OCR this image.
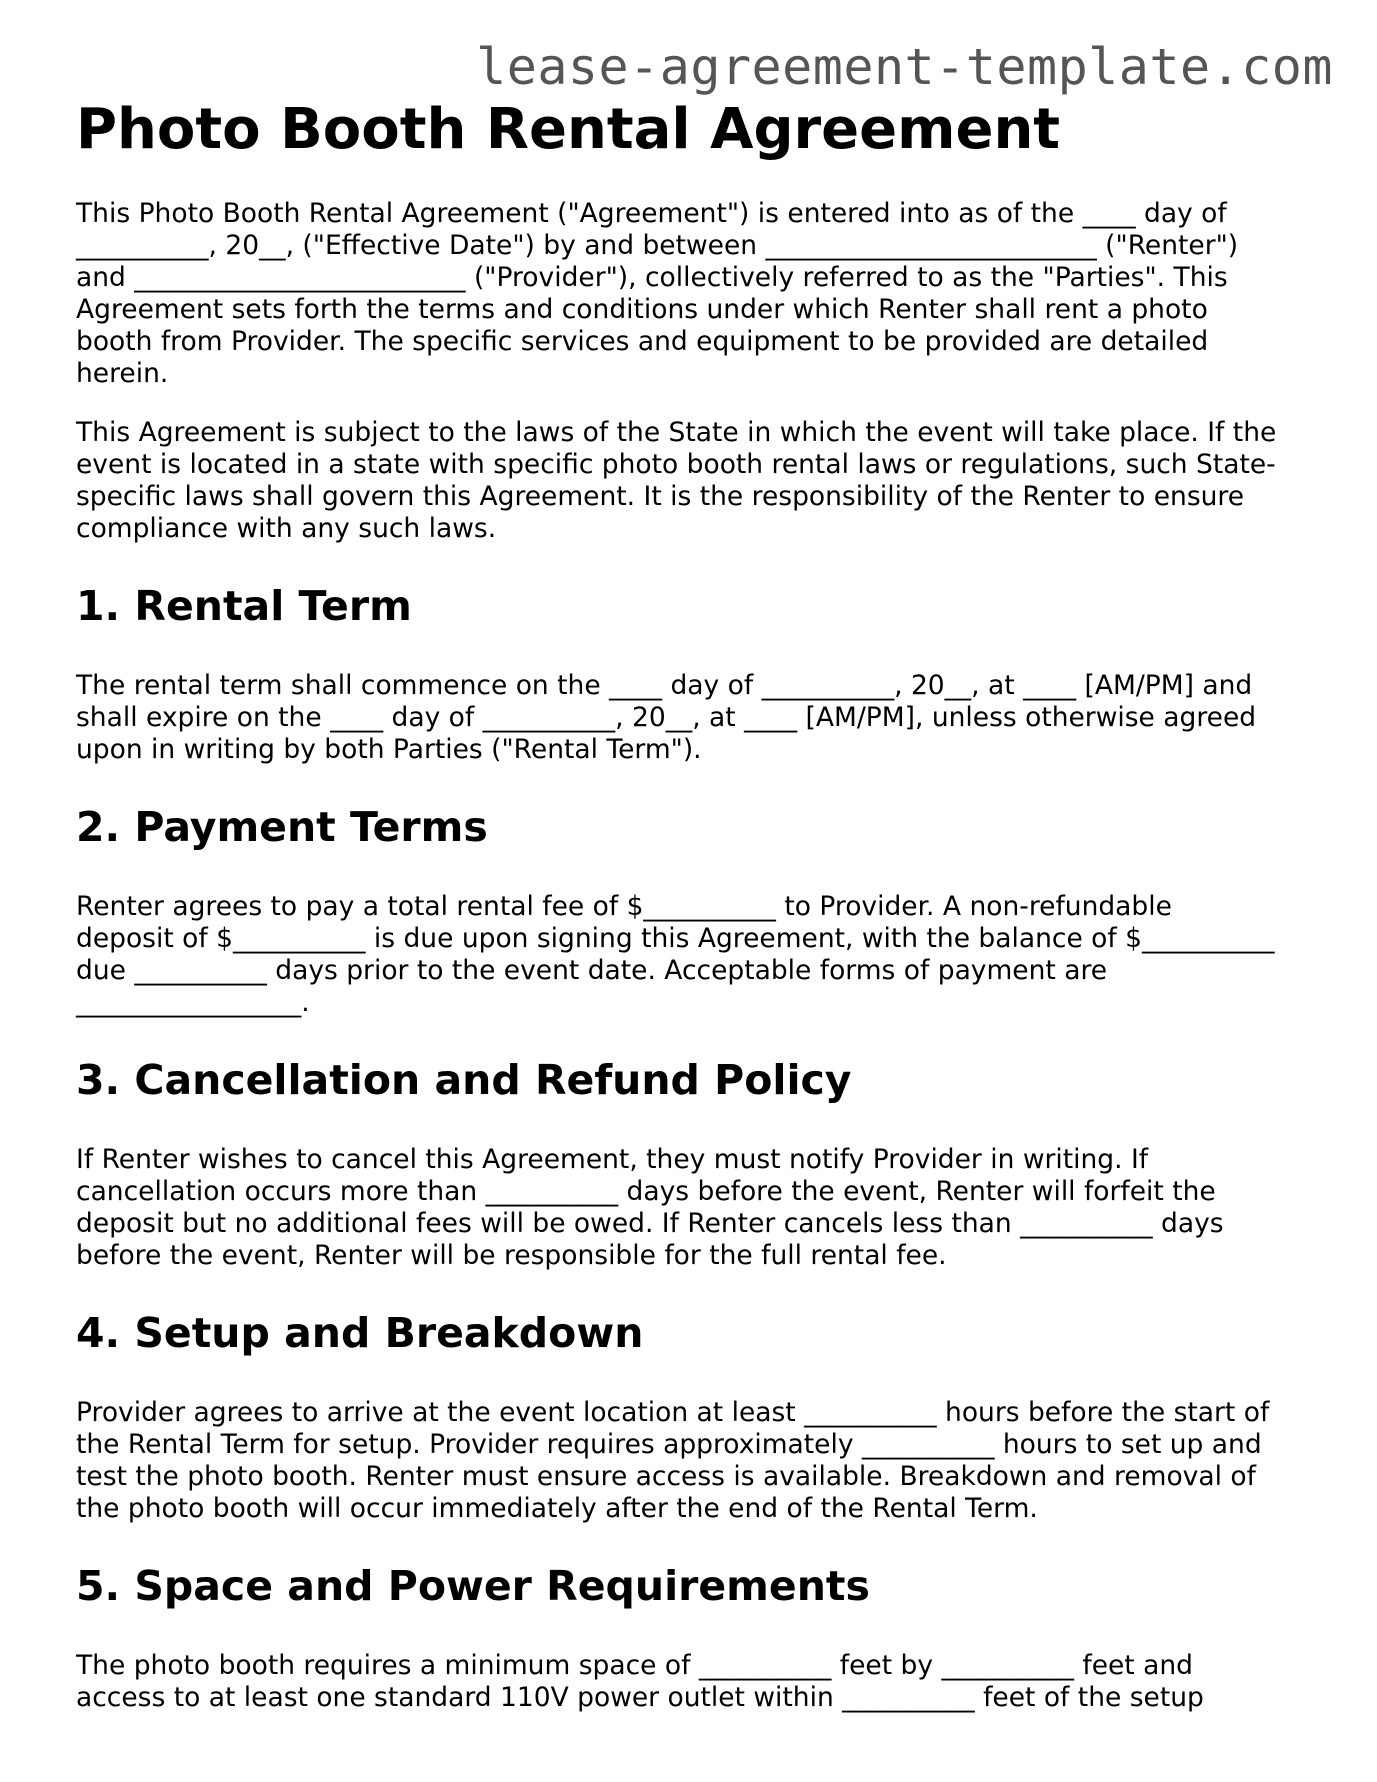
lease-agreement-template.com
Photo Booth Rental Agreement

This Photo Booth Rental Agreement ("Agreement") is entered into as of the ____ day of
__________, 20__, ("Effective Date") by and between _________________________ ("Renter")
and _________________________ ("Provider"), collectively referred to as the "Parties". This
Agreement sets forth the terms and conditions under which Renter shall rent a photo
booth from Provider. The specific services and equipment to be provided are detailed
herein.

This Agreement is subject to the laws of the State in which the event will take place. If the
event is located in a state with specific photo booth rental laws or regulations, such State-
specific laws shall govern this Agreement. It is the responsibility of the Renter to ensure
compliance with any such laws.

1. Rental Term

The rental term shall commence on the ____ day of __________, 20__, at ____ [AM/PM] and
shall expire on the ____ day of __________, 20__, at ____ [AM/PM], unless otherwise agreed
upon in writing by both Parties ("Rental Term").

2. Payment Terms

Renter agrees to pay a total rental fee of $__________ to Provider. A non-refundable
deposit of $__________ is due upon signing this Agreement, with the balance of $__________
due __________ days prior to the event date. Acceptable forms of payment are
_________________.

3. Cancellation and Refund Policy

If Renter wishes to cancel this Agreement, they must notify Provider in writing. If
cancellation occurs more than __________ days before the event, Renter will forfeit the
deposit but no additional fees will be owed. If Renter cancels less than __________ days
before the event, Renter will be responsible for the full rental fee.

4. Setup and Breakdown

Provider agrees to arrive at the event location at least __________ hours before the start of
the Rental Term for setup. Provider requires approximately __________ hours to set up and
test the photo booth. Renter must ensure access is available. Breakdown and removal of
the photo booth will occur immediately after the end of the Rental Term.

5. Space and Power Requirements

The photo booth requires a minimum space of __________ feet by __________ feet and
access to at least one standard 110V power outlet within __________ feet of the setup
